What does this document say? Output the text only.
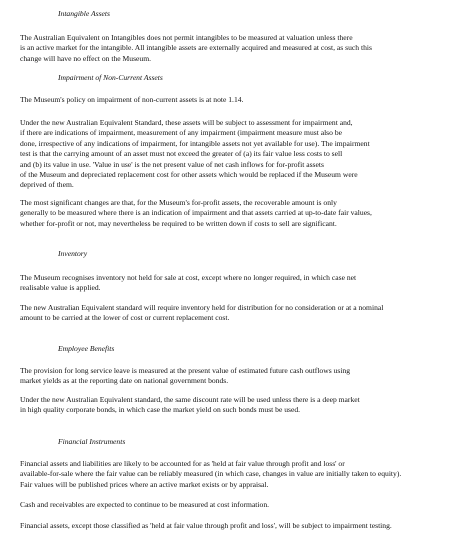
Intangible Assets
The Australian Equivalent on Intangibles does not permit intangibles to be measured at valuation unless there
is an active market for the intangible. All intangible assets are externally acquired and measured at cost, as such this
change will have no effect on the Museum.
Impairment of Non-Current Assets
The Museum's policy on impairment of non-current assets is at note 1.14.
Under the new Australian Equivalent Standard, these assets will be subject to assessment for impairment and,
if there are indications of impairment, measurement of any impairment (impairment measure must also be
done, irrespective of any indications of impairment, for intangible assets not yet available for use). The impairment
test is that the carrying amount of an asset must not exceed the greater of (a) its fair value less costs to sell
and (b) its value in use. 'Value in use' is the net present value of net cash inflows for for-profit assets
of the Museum and depreciated replacement cost for other assets which would be replaced if the Museum were
deprived of them.
The most significant changes are that, for the Museum's for-profit assets, the recoverable amount is only
generally to be measured where there is an indication of impairment and that assets carried at up-to-date fair values,
whether for-profit or not, may nevertheless be required to be written down if costs to sell are significant.
Inventory
The Museum recognises inventory not held for sale at cost, except where no longer required, in which case net
realisable value is applied.
The new Australian Equivalent standard will require inventory held for distribution for no consideration or at a nominal
amount to be carried at the lower of cost or current replacement cost.
Employee Benefits
The provision for long service leave is measured at the present value of estimated future cash outflows using
market yields as at the reporting date on national government bonds.
Under the new Australian Equivalent standard, the same discount rate will be used unless there is a deep market
in high quality corporate bonds, in which case the market yield on such bonds must be used.
Financial Instruments
Financial assets and liabilities are likely to be accounted for as 'held at fair value through profit and loss' or
available-for-sale where the fair value can be reliably measured (in which case, changes in value are initially taken to equity).
Fair values will be published prices where an active market exists or by appraisal.
Cash and receivables are expected to continue to be measured at cost information.
Financial assets, except those classified as 'held at fair value through profit and loss', will be subject to impairment testing.
